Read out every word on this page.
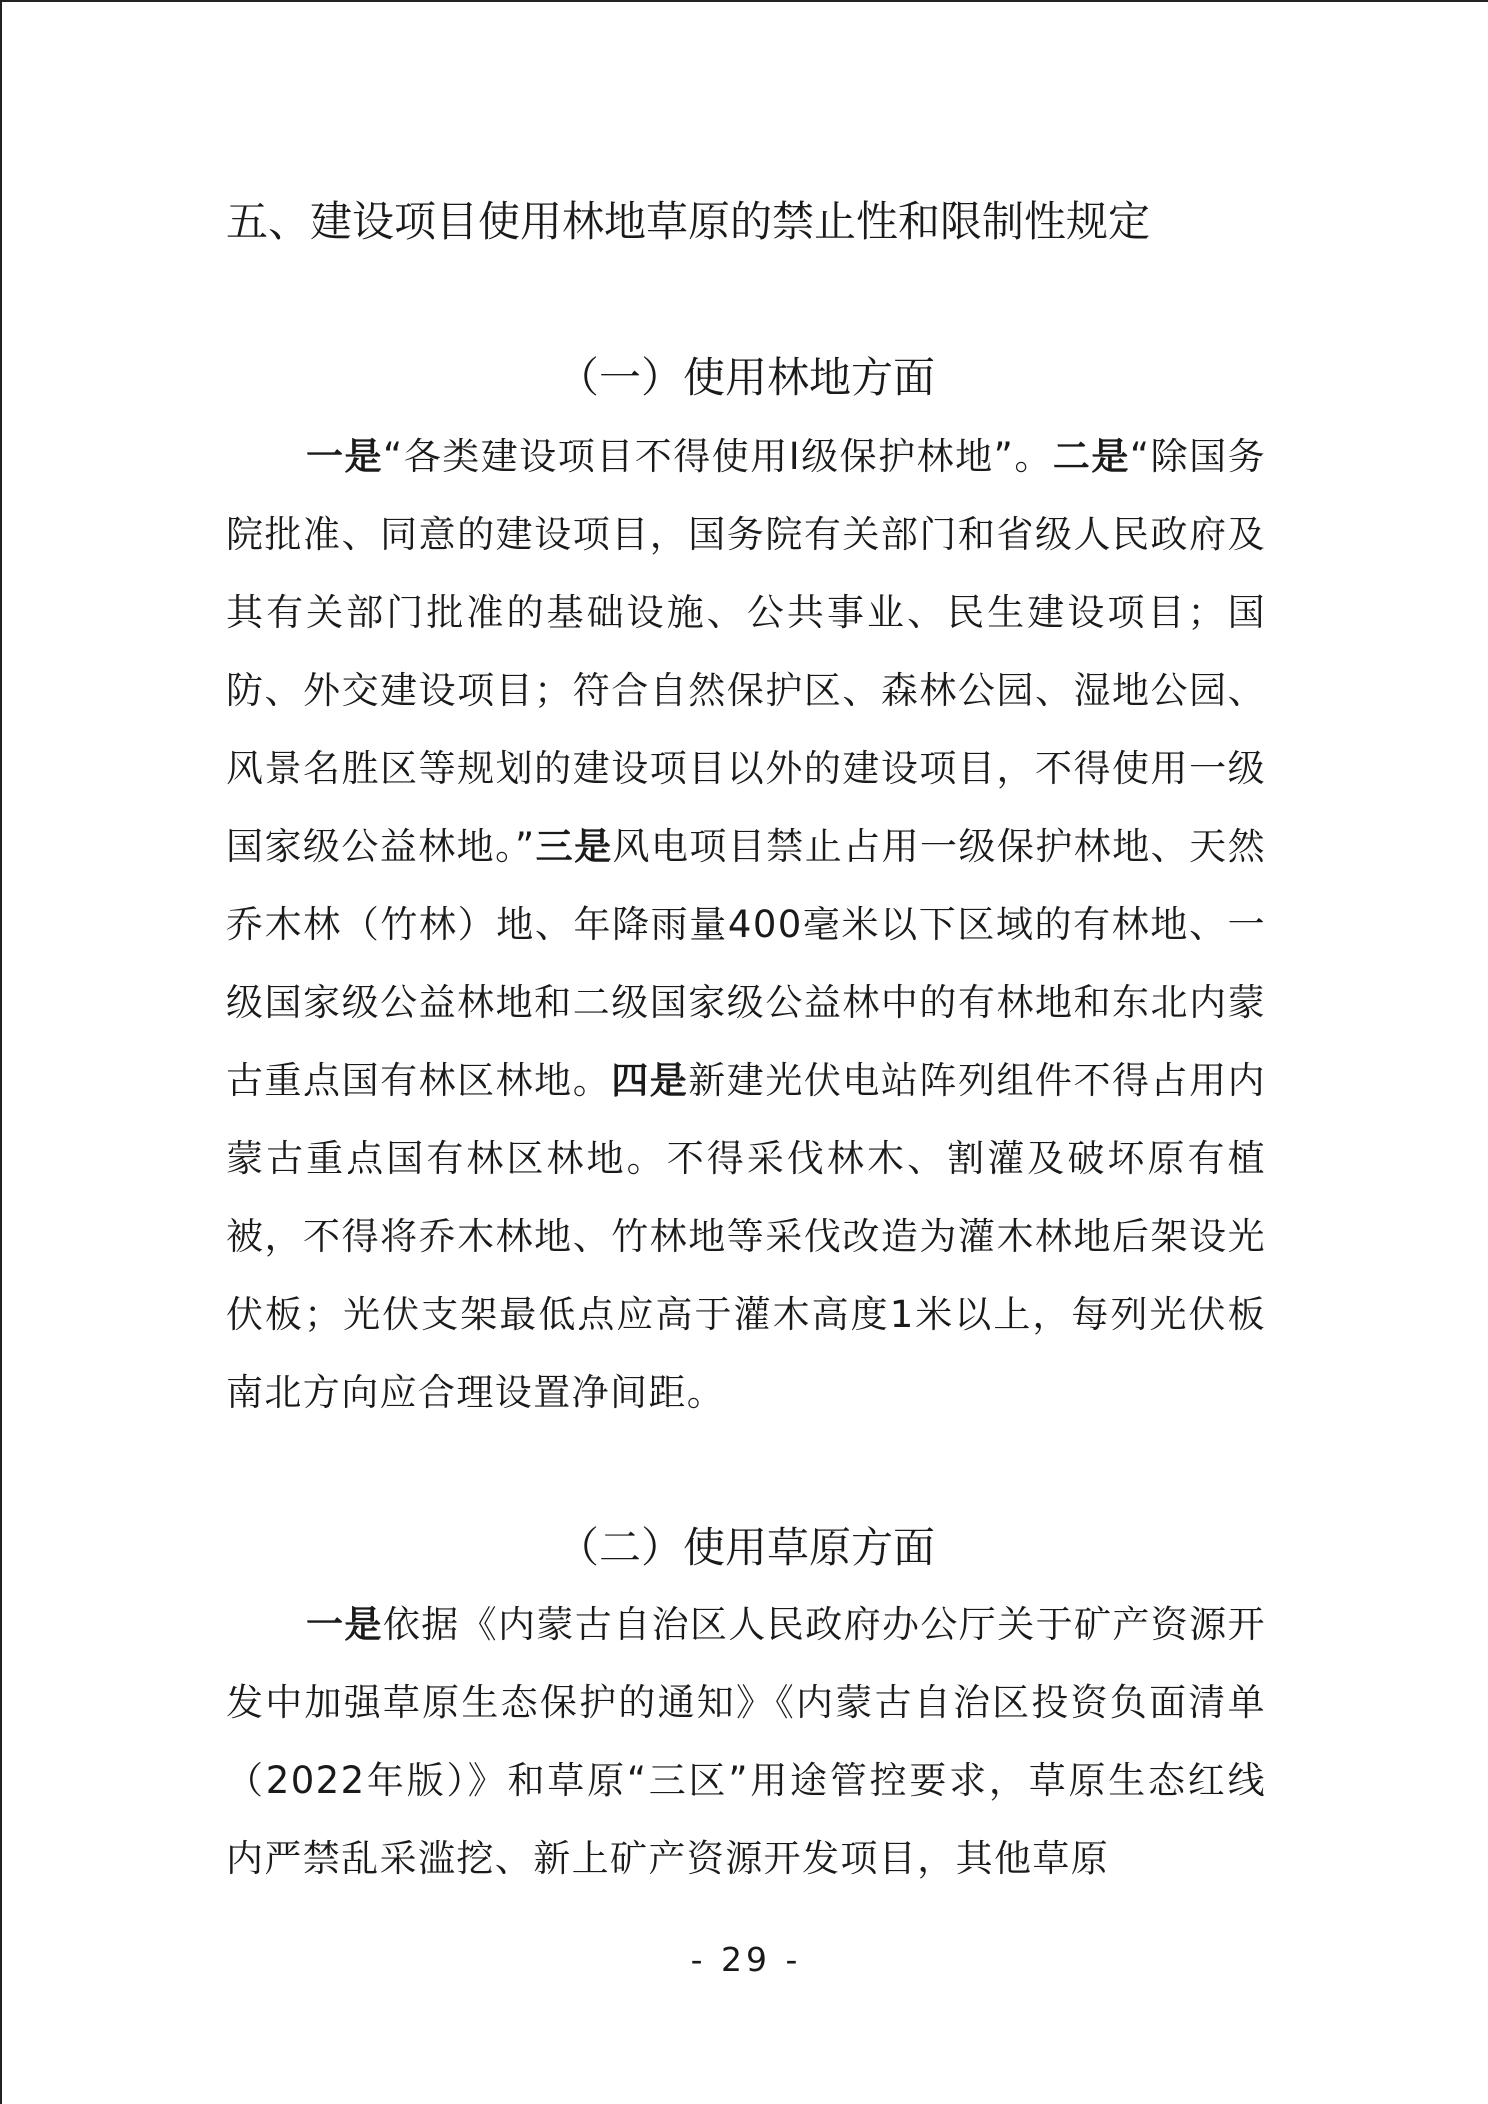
五、建设项目使用林地草原的禁止性和限制性规定
（一）使用林地方面

一是“各类建设项目不得使用I级保护林地”。二是“除国务院批准、同意的建设项目，国务院有关部门和省级人民政府及其有关部门批准的基础设施、公共事业、民生建设项目；国防、外交建设项目；符合自然保护区、森林公园、湿地公园、风景名胜区等规划的建设项目以外的建设项目，不得使用一级国家级公益林地。”三是风电项目禁止占用一级保护林地、天然乔木林（竹林）地、年降雨量400毫米以下区域的有林地、一级国家级公益林地和二级国家级公益林中的有林地和东北内蒙古重点国有林区林地。四是新建光伏电站阵列组件不得占用内蒙古重点国有林区林地。不得采伐林木、割灌及破坏原有植被，不得将乔木林地、竹林地等采伐改造为灌木林地后架设光伏板；光伏支架最低点应高于灌木高度1米以上，每列光伏板南北方向应合理设置净间距。

（二）使用草原方面

一是依据《内蒙古自治区人民政府办公厅关于矿产资源开发中加强草原生态保护的通知》《内蒙古自治区投资负面清单（2022年版）》和草原“三区”用途管控要求，草原生态红线内严禁乱采滥挖、新上矿产资源开发项目，其他草原

- 29 -
